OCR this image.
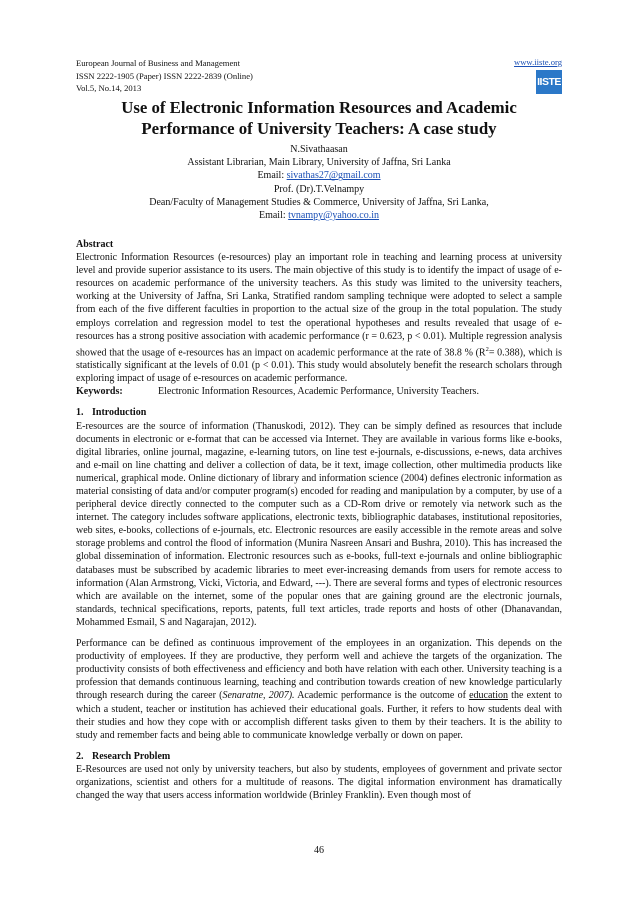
European Journal of Business and Management
ISSN 2222-1905 (Paper) ISSN 2222-2839 (Online)
Vol.5, No.14, 2013
www.iiste.org
IISTE
Use of Electronic Information Resources and Academic
Performance of University Teachers: A case study
N.Sivathaasan
Assistant Librarian, Main Library, University of Jaffna, Sri Lanka
Email: sivathas27@gmail.com
Prof. (Dr).T.Velnampy
Dean/Faculty of Management Studies & Commerce, University of Jaffna, Sri Lanka,
Email: tvnampy@yahoo.co.in
Abstract

Electronic Information Resources (e-resources) play an important role in teaching and learning process at university level and provide superior assistance to its users. The main objective of this study is to identify the impact of usage of e-resources on academic performance of the university teachers. As this study was limited to the university teachers, working at the University of Jaffna, Sri Lanka, Stratified random sampling technique were adopted to select a sample from each of the five different faculties in proportion to the actual size of the group in the total population. The study employs correlation and regression model to test the operational hypotheses and results revealed that usage of e-resources has a strong positive association with academic performance (r = 0.623, p < 0.01). Multiple regression analysis showed that the usage of e-resources has an impact on academic performance at the rate of 38.8 % $(R^2= 0.388)$, which is statistically significant at the levels of 0.01 (p < 0.01). This study would absolutely benefit the research scholars through exploring impact of usage of e-resources on academic performance.

Keywords:	Electronic Information Resources, Academic Performance, University Teachers.

1. Introduction

E-resources are the source of information (Thanuskodi, 2012). They can be simply defined as resources that include documents in electronic or e-format that can be accessed via Internet. They are available in various forms like e-books, digital libraries, online journal, magazine, e-learning tutors, on line test e-journals, e-discussions, e-news, data archives and e-mail on line chatting and deliver a collection of data, be it text, image collection, other multimedia products like numerical, graphical mode. Online dictionary of library and information science (2004) defines electronic information as material consisting of data and/or computer program(s) encoded for reading and manipulation by a computer, by use of a peripheral device directly connected to the computer such as a CD-Rom drive or remotely via network such as the internet. The category includes software applications, electronic texts, bibliographic databases, institutional repositories, web sites, e-books, collections of e-journals, etc. Electronic resources are easily accessible in the remote areas and solve storage problems and control the flood of information (Munira Nasreen Ansari and Bushra, 2010). This has increased the global dissemination of information. Electronic resources such as e-books, full-text e-journals and online bibliographic databases must be subscribed by academic libraries to meet ever-increasing demands from users for remote access to information (Alan Armstrong, Vicki, Victoria, and Edward, ---). There are several forms and types of electronic resources which are available on the internet, some of the popular ones that are gaining ground are the electronic journals, standards, technical specifications, reports, patents, full text articles, trade reports and hosts of other (Dhanavandan, Mohammed Esmail, S and Nagarajan, 2012).

Performance can be defined as continuous improvement of the employees in an organization. This depends on the productivity of employees. If they are productive, they perform well and achieve the targets of the organization. The productivity consists of both effectiveness and efficiency and both have relation with each other. University teaching is a profession that demands continuous learning, teaching and contribution towards creation of new knowledge particularly through research during the career (Senaratne, 2007). Academic performance is the outcome of education the extent to which a student, teacher or institution has achieved their educational goals. Further, it refers to how students deal with their studies and how they cope with or accomplish different tasks given to them by their teachers. It is the ability to study and remember facts and being able to communicate knowledge verbally or down on paper.

2. Research Problem

E-Resources are used not only by university teachers, but also by students, employees of government and private sector organizations, scientist and others for a multitude of reasons. The digital information environment has dramatically changed the way that users access information worldwide (Brinley Franklin). Even though most of

46
